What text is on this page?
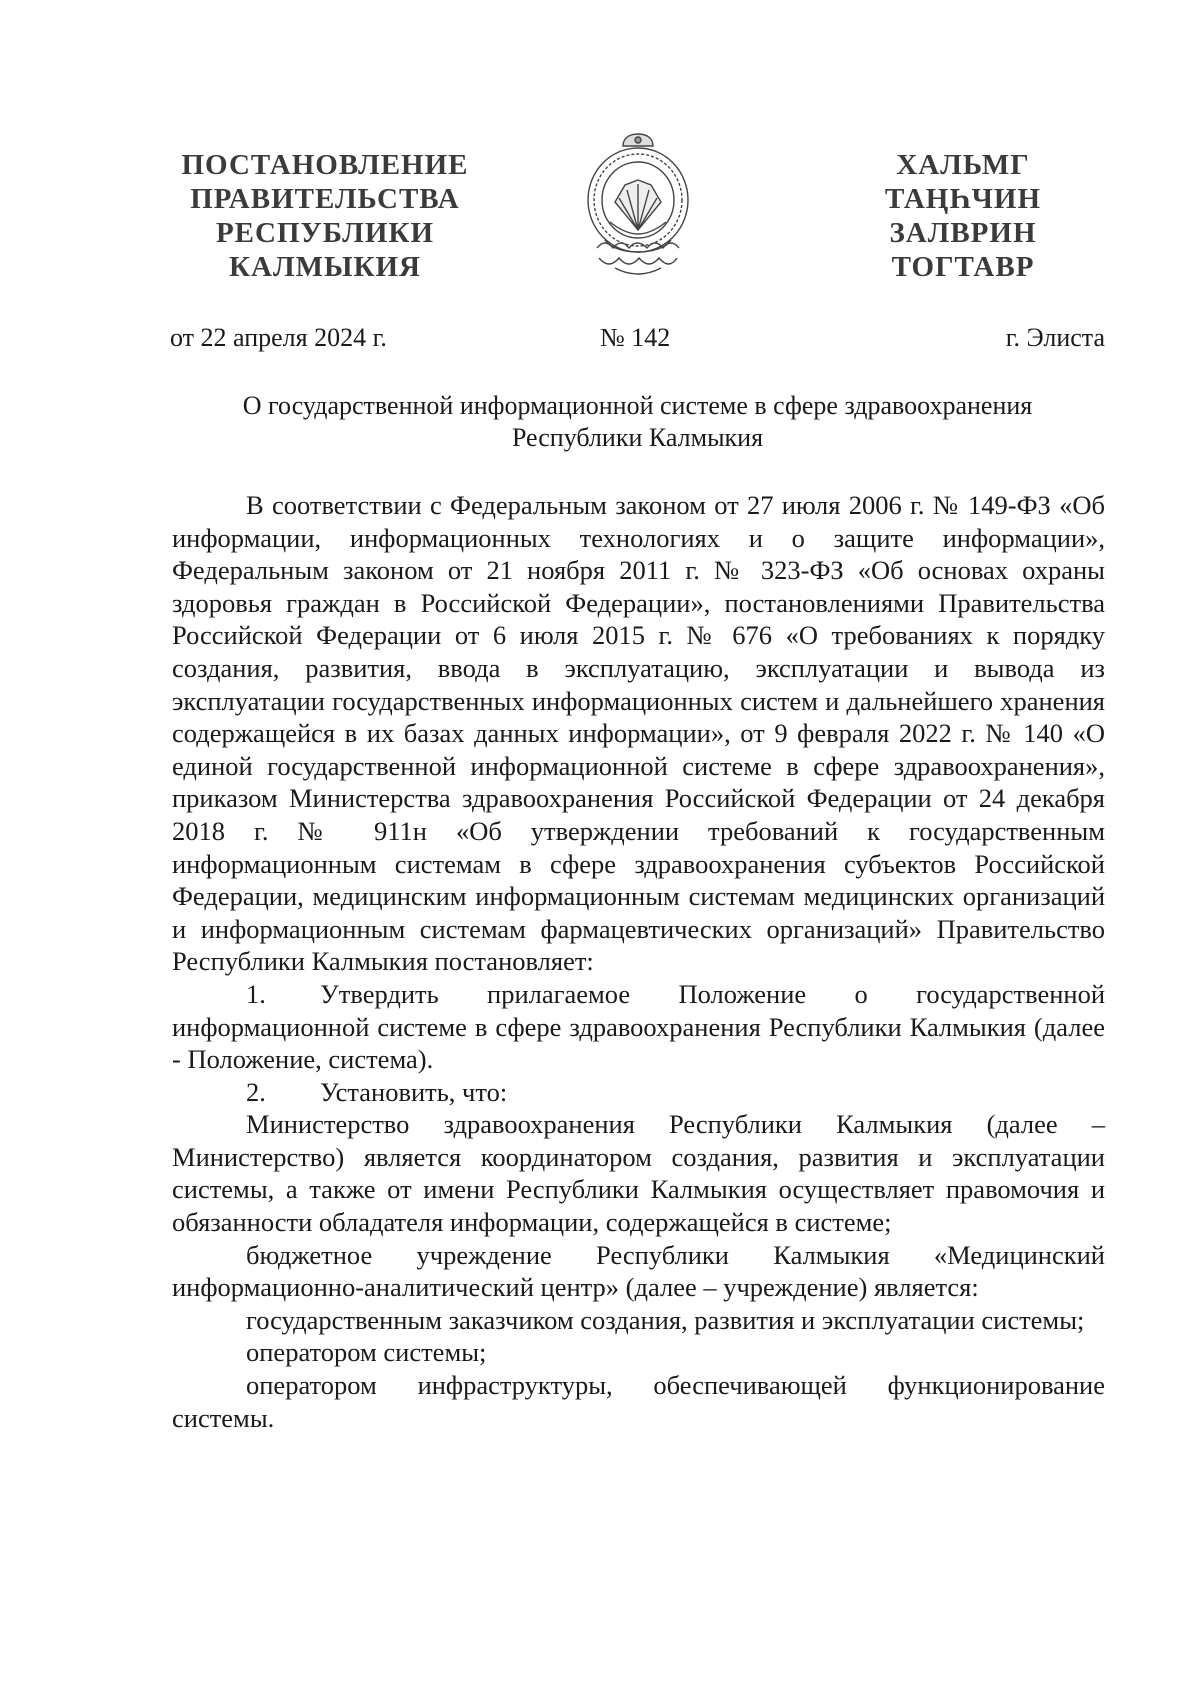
ПОСТАНОВЛЕНИЕ
ПРАВИТЕЛЬСТВА
РЕСПУБЛИКИ
КАЛМЫКИЯ
ХАЛЬМГ
ТАҢҺЧИН
ЗАЛВРИН
ТОГТАВР
от 22 апреля 2024 г.	№ 142	г. Элиста
О государственной информационной системе в сфере здравоохранения
Республики Калмыкия

В соответствии с Федеральным законом от 27 июля 2006 г. № 149-ФЗ «Об информации, информационных технологиях и о защите информации», Федеральным законом от 21 ноября 2011 г. № 323-ФЗ «Об основах охраны здоровья граждан в Российской Федерации», постановлениями Правительства Российской Федерации от 6 июля 2015 г. № 676 «О требованиях к порядку создания, развития, ввода в эксплуатацию, эксплуатации и вывода из эксплуатации государственных информационных систем и дальнейшего хранения содержащейся в их базах данных информации», от 9 февраля 2022 г. № 140 «О единой государственной информационной системе в сфере здравоохранения», приказом Министерства здравоохранения Российской Федерации от 24 декабря 2018 г. № 911н «Об утверждении требований к государственным информационным системам в сфере здравоохранения субъектов Российской Федерации, медицинским информационным системам медицинских организаций и информационным системам фармацевтических организаций» Правительство Республики Калмыкия постановляет:

1. Утвердить прилагаемое Положение о государственной информационной системе в сфере здравоохранения Республики Калмыкия (далее - Положение, система).

2. Установить, что:

Министерство здравоохранения Республики Калмыкия (далее – Министерство) является координатором создания, развития и эксплуатации системы, а также от имени Республики Калмыкия осуществляет правомочия и обязанности обладателя информации, содержащейся в системе;

бюджетное учреждение Республики Калмыкия «Медицинский информационно-аналитический центр» (далее – учреждение) является:

государственным заказчиком создания, развития и эксплуатации системы;

оператором системы;

оператором инфраструктуры, обеспечивающей функционирование системы.
